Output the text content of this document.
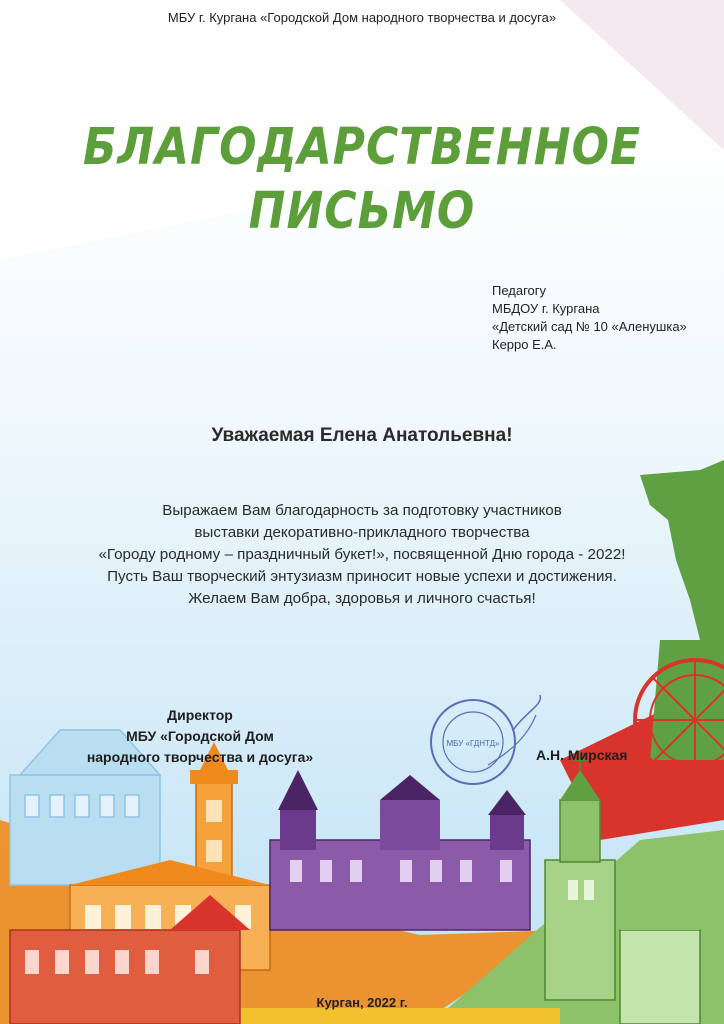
МБУ г. Кургана «Городской Дом народного творчества и досуга»
БЛАГОДАРСТВЕННОЕ
ПИСЬМО
Педагогу
МБДОУ г. Кургана
«Детский сад № 10 «Аленушка»
Керро Е.А.
Уважаемая Елена Анатольевна!
Выражаем Вам благодарность за подготовку участников
выставки декоративно-прикладного творчества
«Городу родному – праздничный букет!», посвященной Дню города - 2022!
Пусть Ваш творческий энтузиазм приносит новые успехи и достижения.
Желаем Вам добра, здоровья и личного счастья!
Директор
МБУ «Городской Дом
народного творчества и досуга»
МБУ «ГДНТД»
А.Н. Мирская
Курган, 2022 г.
